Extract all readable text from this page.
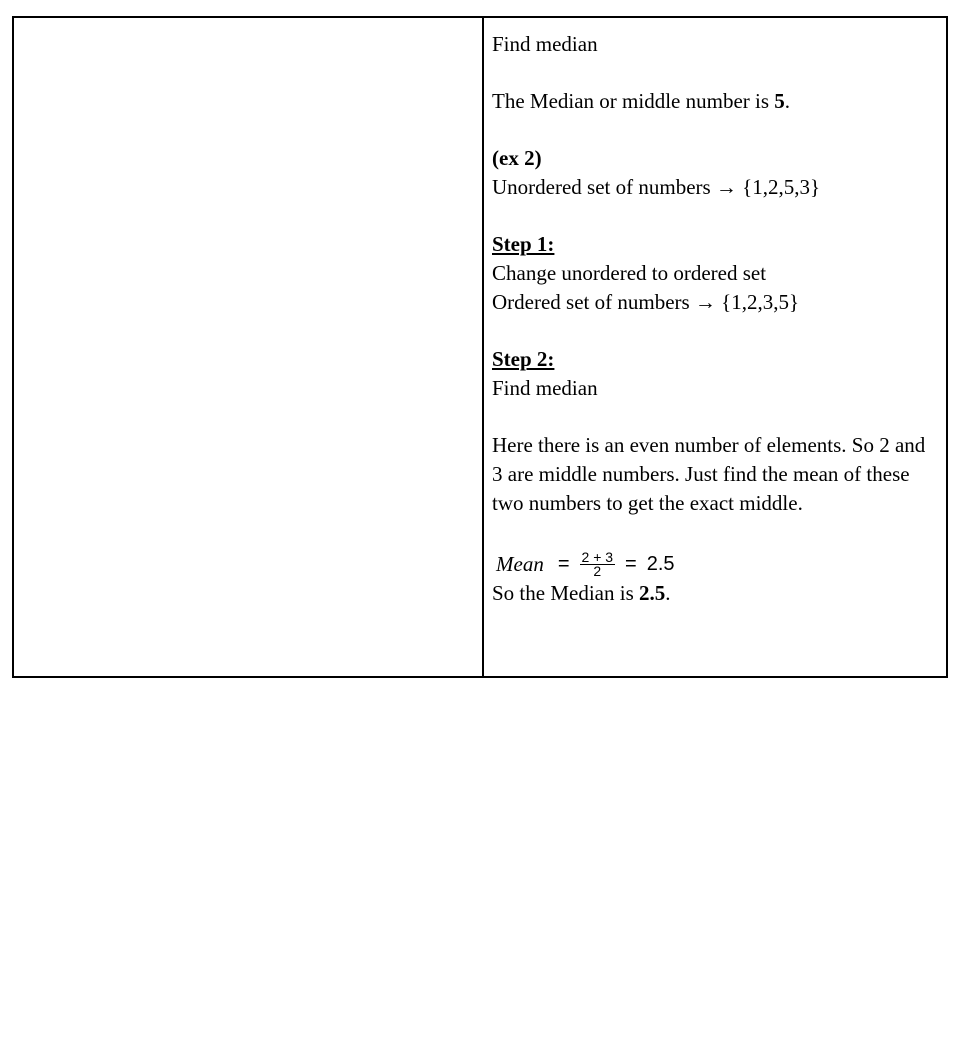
Find median
The Median or middle number is 5.
(ex 2)
Unordered set of numbers → {1,2,5,3}
Step 1:
Change unordered to ordered set
Ordered set of numbers → {1,2,3,5}
Step 2:
Find median
Here there is an even number of elements. So 2 and 3 are middle numbers. Just find the mean of these two numbers to get the exact middle.
Mean = $\frac{2 + 3}{2} = 2.5$
So the Median is 2.5.
